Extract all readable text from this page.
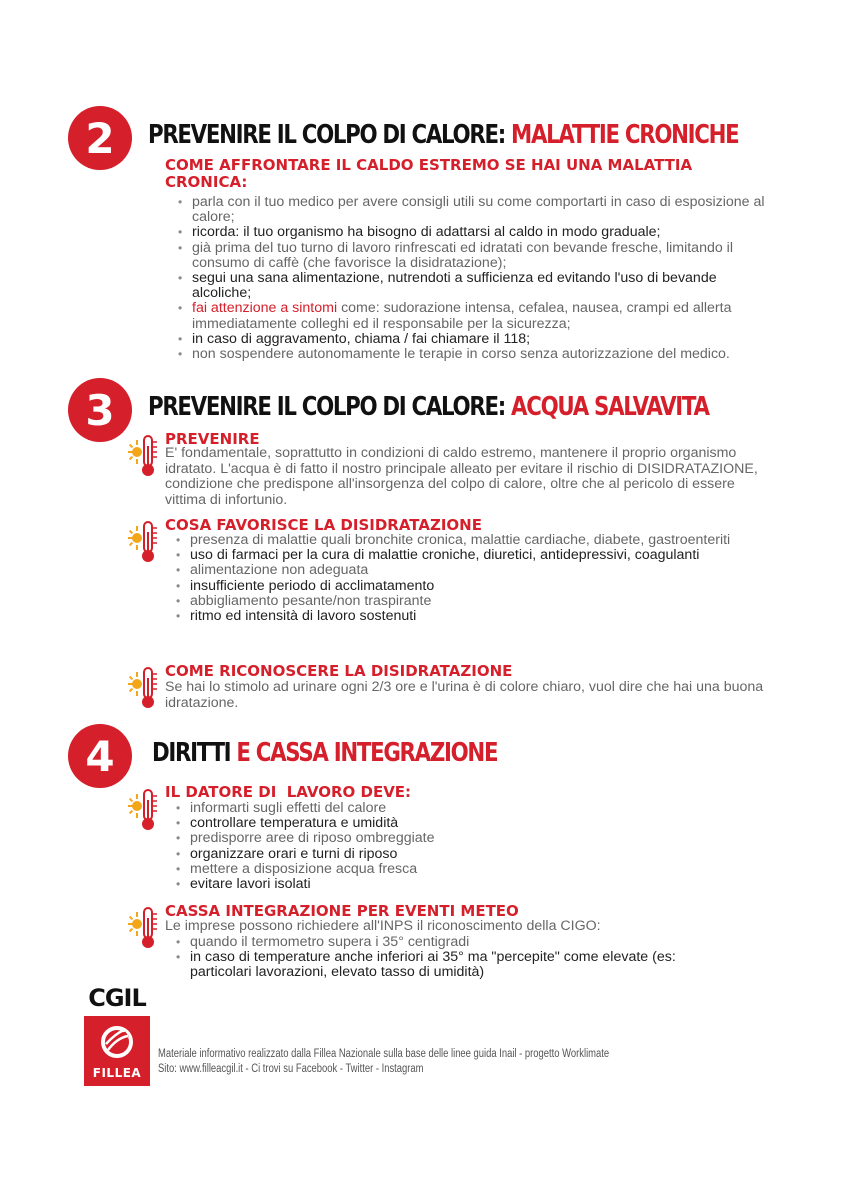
2	PREVENIRE IL COLPO DI CALORE: MALATTIE CRONICHE
COME AFFRONTARE IL CALDO ESTREMO SE HAI UNA MALATTIA CRONICA:
• parla con il tuo medico per avere consigli utili su come comportarti in caso di esposizione al calore;
• ricorda: il tuo organismo ha bisogno di adattarsi al caldo in modo graduale;
• già prima del tuo turno di lavoro rinfrescati ed idratati con bevande fresche, limitando il consumo di caffè (che favorisce la disidratazione);
• segui una sana alimentazione, nutrendoti a sufficienza ed evitando l'uso di bevande alcoliche;
• fai attenzione a sintomi come: sudorazione intensa, cefalea, nausea, crampi ed allerta immediatamente colleghi ed il responsabile per la sicurezza;
• in caso di aggravamento, chiama / fai chiamare il 118;
• non sospendere autonomamente le terapie in corso senza autorizzazione del medico.
3	PREVENIRE IL COLPO DI CALORE: ACQUA SALVAVITA
PREVENIRE
E' fondamentale, soprattutto in condizioni di caldo estremo, mantenere il proprio organismo idratato. L'acqua è di fatto il nostro principale alleato per evitare il rischio di DISIDRATAZIONE, condizione che predispone all'insorgenza del colpo di calore, oltre che al pericolo di essere vittima di infortunio.
COSA FAVORISCE LA DISIDRATAZIONE
• presenza di malattie quali bronchite cronica, malattie cardiache, diabete, gastroenteriti
• uso di farmaci per la cura di malattie croniche, diuretici, antidepressivi, coagulanti
• alimentazione non adeguata
• insufficiente periodo di acclimatamento
• abbigliamento pesante/non traspirante
• ritmo ed intensità di lavoro sostenuti
COME RICONOSCERE LA DISIDRATAZIONE
Se hai lo stimolo ad urinare ogni 2/3 ore e l'urina è di colore chiaro, vuol dire che hai una buona idratazione.
4	DIRITTI E CASSA INTEGRAZIONE
IL DATORE DI  LAVORO DEVE:
• informarti sugli effetti del calore
• controllare temperatura e umidità
• predisporre aree di riposo ombreggiate
• organizzare orari e turni di riposo
• mettere a disposizione acqua fresca
• evitare lavori isolati
CASSA INTEGRAZIONE PER EVENTI METEO
Le imprese possono richiedere all'INPS il riconoscimento della CIGO:
• quando il termometro supera i 35° centigradi
• in caso di temperature anche inferiori ai 35° ma "percepite" come elevate (es: particolari lavorazioni, elevato tasso di umidità)
CGIL
FILLEA
Materiale informativo realizzato dalla Fillea Nazionale sulla base delle linee guida Inail - progetto Worklimate
Sito: www.filleacgil.it - Ci trovi su Facebook - Twitter - Instagram
